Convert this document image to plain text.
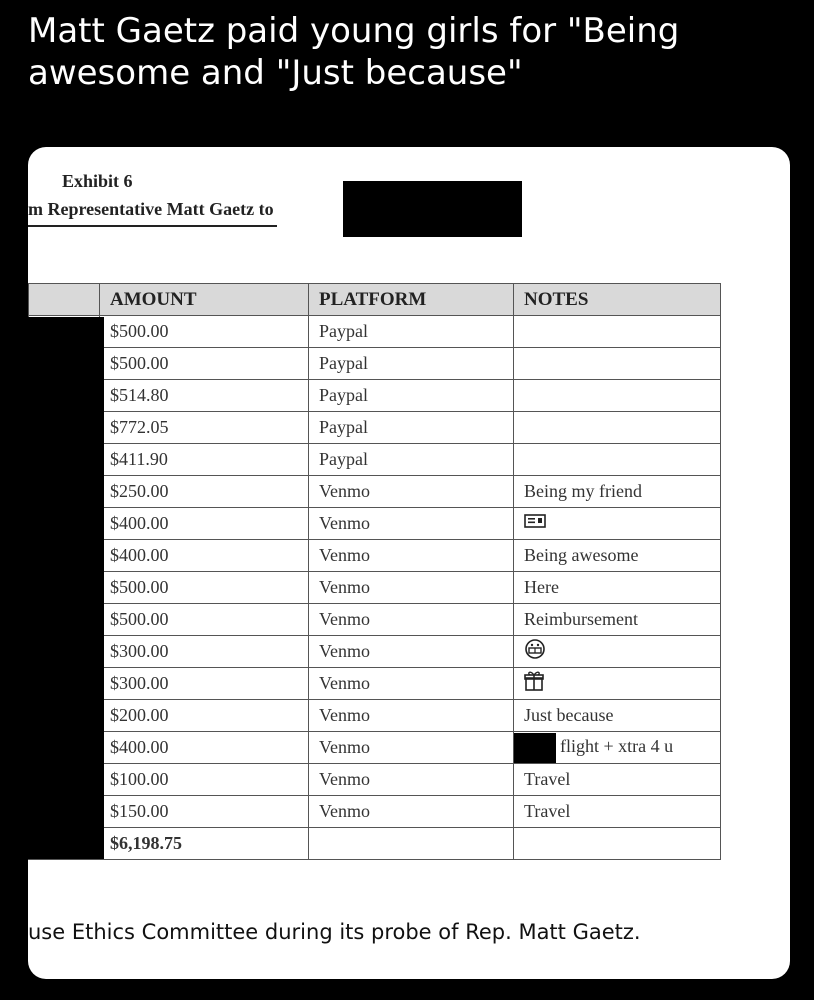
Matt Gaetz paid young girls for "Being
awesome and "Just because"
Exhibit 6
m Representative Matt Gaetz to
	AMOUNT	PLATFORM	NOTES
	$500.00	Paypal	
	$500.00	Paypal	
	$514.80	Paypal	
	$772.05	Paypal	
	$411.90	Paypal	
	$250.00	Venmo	Being my friend
	$400.00	Venmo	
	$400.00	Venmo	Being awesome
	$500.00	Venmo	Here
	$500.00	Venmo	Reimbursement
	$300.00	Venmo	
	$300.00	Venmo	
	$200.00	Venmo	Just because
	$400.00	Venmo	flight + xtra 4 u
	$100.00	Venmo	Travel
	$150.00	Venmo	Travel
	$6,198.75		
use Ethics Committee during its probe of Rep. Matt Gaetz.
